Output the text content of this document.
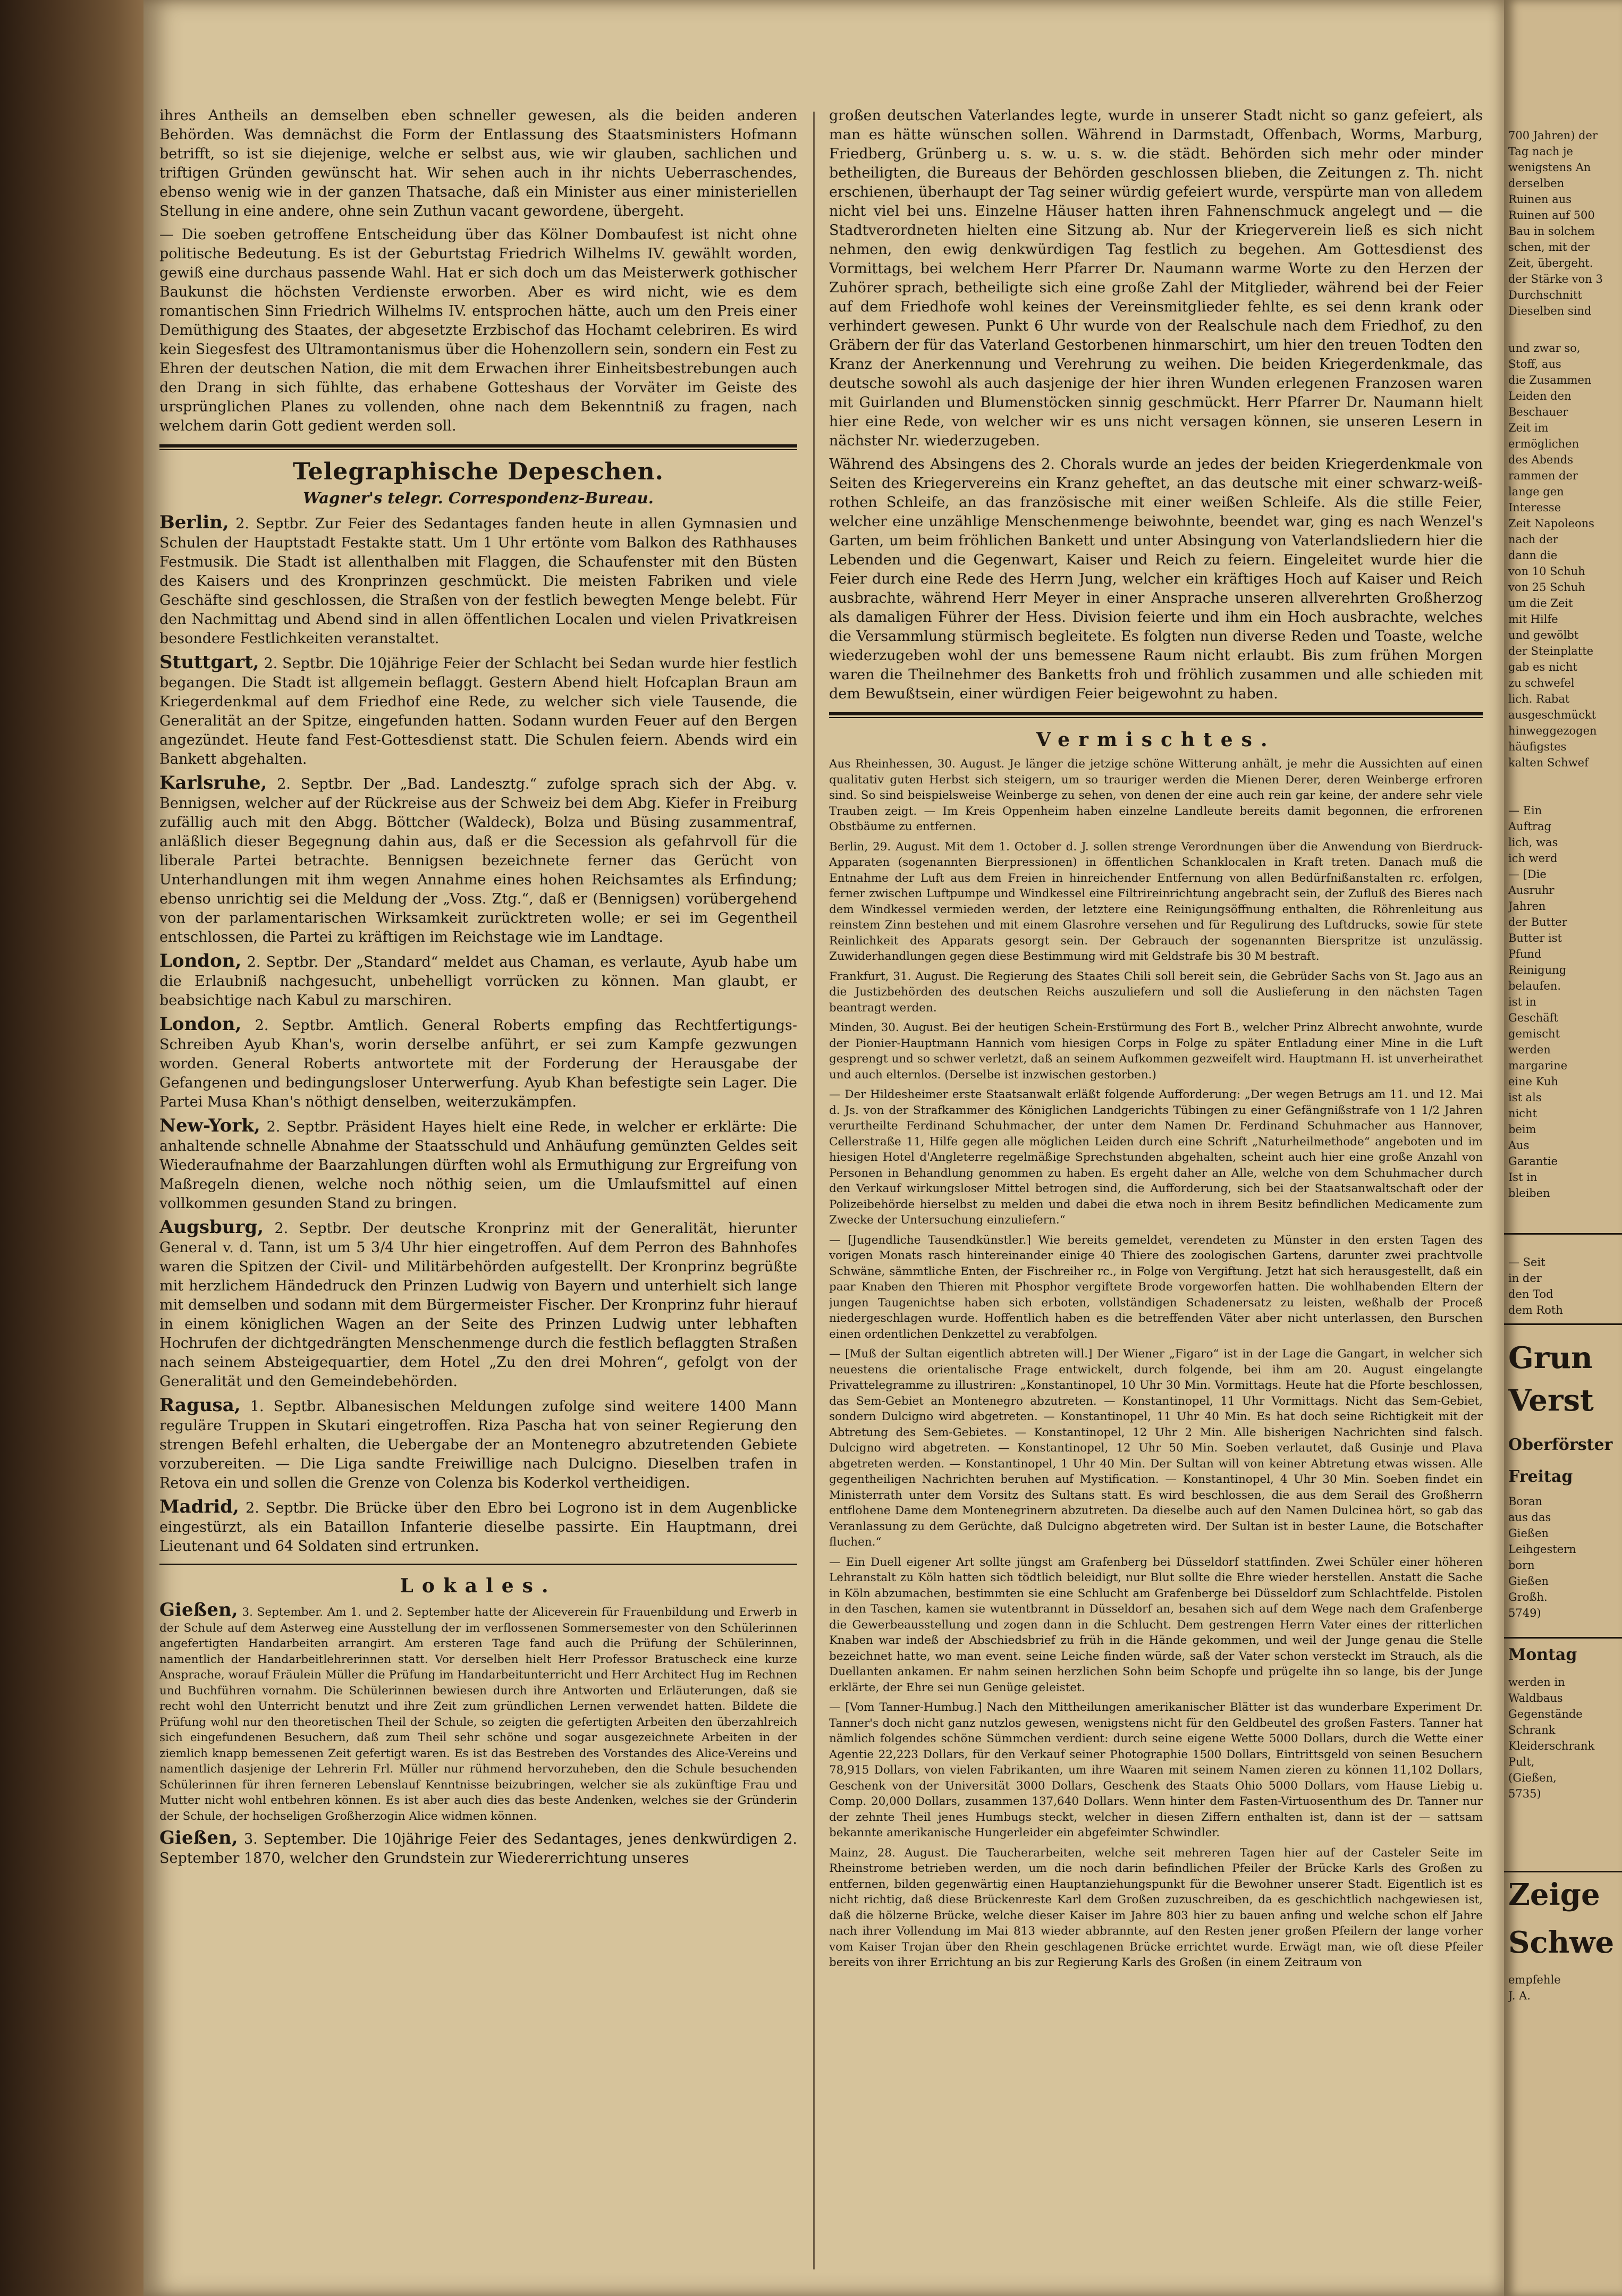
ihres Antheils an demselben eben schneller gewesen, als die beiden anderen Behörden. Was demnächst die Form der Entlassung des Staatsministers Hofmann betrifft, so ist sie diejenige, welche er selbst aus, wie wir glauben, sachlichen und triftigen Gründen gewünscht hat. Wir sehen auch in ihr nichts Ueberraschendes, ebenso wenig wie in der ganzen Thatsache, daß ein Minister aus einer ministeriellen Stellung in eine andere, ohne sein Zuthun vacant gewordene, übergeht.

— Die soeben getroffene Entscheidung über das Kölner Dombaufest ist nicht ohne politische Bedeutung. Es ist der Geburtstag Friedrich Wilhelms IV. gewählt worden, gewiß eine durchaus passende Wahl. Hat er sich doch um das Meisterwerk gothischer Baukunst die höchsten Verdienste erworben. Aber es wird nicht, wie es dem romantischen Sinn Friedrich Wilhelms IV. entsprochen hätte, auch um den Preis einer Demüthigung des Staates, der abgesetzte Erzbischof das Hochamt celebriren. Es wird kein Siegesfest des Ultramontanismus über die Hohenzollern sein, sondern ein Fest zu Ehren der deutschen Nation, die mit dem Erwachen ihrer Einheitsbestrebungen auch den Drang in sich fühlte, das erhabene Gotteshaus der Vorväter im Geiste des ursprünglichen Planes zu vollenden, ohne nach dem Bekenntniß zu fragen, nach welchem darin Gott gedient werden soll.

Telegraphische Depeschen.
Wagner's telegr. Correspondenz-Bureau.

Berlin, 2. Septbr. Zur Feier des Sedantages fanden heute in allen Gymnasien und Schulen der Hauptstadt Festakte statt. Um 1 Uhr ertönte vom Balkon des Rathhauses Festmusik. Die Stadt ist allenthalben mit Flaggen, die Schaufenster mit den Büsten des Kaisers und des Kronprinzen geschmückt. Die meisten Fabriken und viele Geschäfte sind geschlossen, die Straßen von der festlich bewegten Menge belebt. Für den Nachmittag und Abend sind in allen öffentlichen Localen und vielen Privatkreisen besondere Festlichkeiten veranstaltet.

Stuttgart, 2. Septbr. Die 10jährige Feier der Schlacht bei Sedan wurde hier festlich begangen. Die Stadt ist allgemein beflaggt. Gestern Abend hielt Hofcaplan Braun am Kriegerdenkmal auf dem Friedhof eine Rede, zu welcher sich viele Tausende, die Generalität an der Spitze, eingefunden hatten. Sodann wurden Feuer auf den Bergen angezündet. Heute fand Fest-Gottesdienst statt. Die Schulen feiern. Abends wird ein Bankett abgehalten.

Karlsruhe, 2. Septbr. Der „Bad. Landesztg.“ zufolge sprach sich der Abg. v. Bennigsen, welcher auf der Rückreise aus der Schweiz bei dem Abg. Kiefer in Freiburg zufällig auch mit den Abgg. Böttcher (Waldeck), Bolza und Büsing zusammentraf, anläßlich dieser Begegnung dahin aus, daß er die Secession als gefahrvoll für die liberale Partei betrachte. Bennigsen bezeichnete ferner das Gerücht von Unterhandlungen mit ihm wegen Annahme eines hohen Reichsamtes als Erfindung; ebenso unrichtig sei die Meldung der „Voss. Ztg.“, daß er (Bennigsen) vorübergehend von der parlamentarischen Wirksamkeit zurücktreten wolle; er sei im Gegentheil entschlossen, die Partei zu kräftigen im Reichstage wie im Landtage.

London, 2. Septbr. Der „Standard“ meldet aus Chaman, es verlaute, Ayub habe um die Erlaubniß nachgesucht, unbehelligt vorrücken zu können. Man glaubt, er beabsichtige nach Kabul zu marschiren.

London, 2. Septbr. Amtlich. General Roberts empfing das Rechtfertigungs-Schreiben Ayub Khan's, worin derselbe anführt, er sei zum Kampfe gezwungen worden. General Roberts antwortete mit der Forderung der Herausgabe der Gefangenen und bedingungsloser Unterwerfung. Ayub Khan befestigte sein Lager. Die Partei Musa Khan's nöthigt denselben, weiterzukämpfen.

New-York, 2. Septbr. Präsident Hayes hielt eine Rede, in welcher er erklärte: Die anhaltende schnelle Abnahme der Staatsschuld und Anhäufung gemünzten Geldes seit Wiederaufnahme der Baarzahlungen dürften wohl als Ermuthigung zur Ergreifung von Maßregeln dienen, welche noch nöthig seien, um die Umlaufsmittel auf einen vollkommen gesunden Stand zu bringen.

Augsburg, 2. Septbr. Der deutsche Kronprinz mit der Generalität, hierunter General v. d. Tann, ist um 5 3/4 Uhr hier eingetroffen. Auf dem Perron des Bahnhofes waren die Spitzen der Civil- und Militärbehörden aufgestellt. Der Kronprinz begrüßte mit herzlichem Händedruck den Prinzen Ludwig von Bayern und unterhielt sich lange mit demselben und sodann mit dem Bürgermeister Fischer. Der Kronprinz fuhr hierauf in einem königlichen Wagen an der Seite des Prinzen Ludwig unter lebhaften Hochrufen der dichtgedrängten Menschenmenge durch die festlich beflaggten Straßen nach seinem Absteigequartier, dem Hotel „Zu den drei Mohren“, gefolgt von der Generalität und den Gemeindebehörden.

Ragusa, 1. Septbr. Albanesischen Meldungen zufolge sind weitere 1400 Mann reguläre Truppen in Skutari eingetroffen. Riza Pascha hat von seiner Regierung den strengen Befehl erhalten, die Uebergabe der an Montenegro abzutretenden Gebiete vorzubereiten. — Die Liga sandte Freiwillige nach Dulcigno. Dieselben trafen in Retova ein und sollen die Grenze von Colenza bis Koderkol vertheidigen.

Madrid, 2. Septbr. Die Brücke über den Ebro bei Logrono ist in dem Augenblicke eingestürzt, als ein Bataillon Infanterie dieselbe passirte. Ein Hauptmann, drei Lieutenant und 64 Soldaten sind ertrunken.

Lokales.

Gießen, 3. September. Am 1. und 2. September hatte der Aliceverein für Frauenbildung und Erwerb in der Schule auf dem Asterweg eine Ausstellung der im verflossenen Sommersemester von den Schülerinnen angefertigten Handarbeiten arrangirt. Am ersteren Tage fand auch die Prüfung der Schülerinnen, namentlich der Handarbeitlehrerinnen statt. Vor derselben hielt Herr Professor Bratuscheck eine kurze Ansprache, worauf Fräulein Müller die Prüfung im Handarbeitunterricht und Herr Architect Hug im Rechnen und Buchführen vornahm. Die Schülerinnen bewiesen durch ihre Antworten und Erläuterungen, daß sie recht wohl den Unterricht benutzt und ihre Zeit zum gründlichen Lernen verwendet hatten. Bildete die Prüfung wohl nur den theoretischen Theil der Schule, so zeigten die gefertigten Arbeiten den überzahlreich sich eingefundenen Besuchern, daß zum Theil sehr schöne und sogar ausgezeichnete Arbeiten in der ziemlich knapp bemessenen Zeit gefertigt waren. Es ist das Bestreben des Vorstandes des Alice-Vereins und namentlich dasjenige der Lehrerin Frl. Müller nur rühmend hervorzuheben, den die Schule besuchenden Schülerinnen für ihren ferneren Lebenslauf Kenntnisse beizubringen, welcher sie als zukünftige Frau und Mutter nicht wohl entbehren können. Es ist aber auch dies das beste Andenken, welches sie der Gründerin der Schule, der hochseligen Großherzogin Alice widmen können.

Gießen, 3. September. Die 10jährige Feier des Sedantages, jenes denkwürdigen 2. September 1870, welcher den Grundstein zur Wiedererrichtung unseres

großen deutschen Vaterlandes legte, wurde in unserer Stadt nicht so ganz gefeiert, als man es hätte wünschen sollen. Während in Darmstadt, Offenbach, Worms, Marburg, Friedberg, Grünberg u. s. w. u. s. w. die städt. Behörden sich mehr oder minder betheiligten, die Bureaus der Behörden geschlossen blieben, die Zeitungen z. Th. nicht erschienen, überhaupt der Tag seiner würdig gefeiert wurde, verspürte man von alledem nicht viel bei uns. Einzelne Häuser hatten ihren Fahnenschmuck angelegt und — die Stadtverordneten hielten eine Sitzung ab. Nur der Kriegerverein ließ es sich nicht nehmen, den ewig denkwürdigen Tag festlich zu begehen. Am Gottesdienst des Vormittags, bei welchem Herr Pfarrer Dr. Naumann warme Worte zu den Herzen der Zuhörer sprach, betheiligte sich eine große Zahl der Mitglieder, während bei der Feier auf dem Friedhofe wohl keines der Vereinsmitglieder fehlte, es sei denn krank oder verhindert gewesen. Punkt 6 Uhr wurde von der Realschule nach dem Friedhof, zu den Gräbern der für das Vaterland Gestorbenen hinmarschirt, um hier den treuen Todten den Kranz der Anerkennung und Verehrung zu weihen. Die beiden Kriegerdenkmale, das deutsche sowohl als auch dasjenige der hier ihren Wunden erlegenen Franzosen waren mit Guirlanden und Blumenstöcken sinnig geschmückt. Herr Pfarrer Dr. Naumann hielt hier eine Rede, von welcher wir es uns nicht versagen können, sie unseren Lesern in nächster Nr. wiederzugeben.

Während des Absingens des 2. Chorals wurde an jedes der beiden Kriegerdenkmale von Seiten des Kriegervereins ein Kranz geheftet, an das deutsche mit einer schwarz-weiß-rothen Schleife, an das französische mit einer weißen Schleife. Als die stille Feier, welcher eine unzählige Menschenmenge beiwohnte, beendet war, ging es nach Wenzel's Garten, um beim fröhlichen Bankett und unter Absingung von Vaterlandsliedern hier die Lebenden und die Gegenwart, Kaiser und Reich zu feiern. Eingeleitet wurde hier die Feier durch eine Rede des Herrn Jung, welcher ein kräftiges Hoch auf Kaiser und Reich ausbrachte, während Herr Meyer in einer Ansprache unseren allverehrten Großherzog als damaligen Führer der Hess. Division feierte und ihm ein Hoch ausbrachte, welches die Versammlung stürmisch begleitete. Es folgten nun diverse Reden und Toaste, welche wiederzugeben wohl der uns bemessene Raum nicht erlaubt. Bis zum frühen Morgen waren die Theilnehmer des Banketts froh und fröhlich zusammen und alle schieden mit dem Bewußtsein, einer würdigen Feier beigewohnt zu haben.

Vermischtes.

Aus Rheinhessen, 30. August. Je länger die jetzige schöne Witterung anhält, je mehr die Aussichten auf einen qualitativ guten Herbst sich steigern, um so trauriger werden die Mienen Derer, deren Weinberge erfroren sind. So sind beispielsweise Weinberge zu sehen, von denen der eine auch rein gar keine, der andere sehr viele Trauben zeigt. — Im Kreis Oppenheim haben einzelne Landleute bereits damit begonnen, die erfrorenen Obstbäume zu entfernen.

Berlin, 29. August. Mit dem 1. October d. J. sollen strenge Verordnungen über die Anwendung von Bierdruck-Apparaten (sogenannten Bierpressionen) in öffentlichen Schanklocalen in Kraft treten. Danach muß die Entnahme der Luft aus dem Freien in hinreichender Entfernung von allen Bedürfnißanstalten rc. erfolgen, ferner zwischen Luftpumpe und Windkessel eine Filtrireinrichtung angebracht sein, der Zufluß des Bieres nach dem Windkessel vermieden werden, der letztere eine Reinigungsöffnung enthalten, die Röhrenleitung aus reinstem Zinn bestehen und mit einem Glasrohre versehen und für Regulirung des Luftdrucks, sowie für stete Reinlichkeit des Apparats gesorgt sein. Der Gebrauch der sogenannten Bierspritze ist unzulässig. Zuwiderhandlungen gegen diese Bestimmung wird mit Geldstrafe bis 30 M bestraft.

Frankfurt, 31. August. Die Regierung des Staates Chili soll bereit sein, die Gebrüder Sachs von St. Jago aus an die Justizbehörden des deutschen Reichs auszuliefern und soll die Auslieferung in den nächsten Tagen beantragt werden.

Minden, 30. August. Bei der heutigen Schein-Erstürmung des Fort B., welcher Prinz Albrecht anwohnte, wurde der Pionier-Hauptmann Hannich vom hiesigen Corps in Folge zu später Entladung einer Mine in die Luft gesprengt und so schwer verletzt, daß an seinem Aufkommen gezweifelt wird. Hauptmann H. ist unverheirathet und auch elternlos. (Derselbe ist inzwischen gestorben.)

— Der Hildesheimer erste Staatsanwalt erläßt folgende Aufforderung: „Der wegen Betrugs am 11. und 12. Mai d. Js. von der Strafkammer des Königlichen Landgerichts Tübingen zu einer Gefängnißstrafe von 1 1/2 Jahren verurtheilte Ferdinand Schuhmacher, der unter dem Namen Dr. Ferdinand Schuhmacher aus Hannover, Cellerstraße 11, Hilfe gegen alle möglichen Leiden durch eine Schrift „Naturheilmethode“ angeboten und im hiesigen Hotel d'Angleterre regelmäßige Sprechstunden abgehalten, scheint auch hier eine große Anzahl von Personen in Behandlung genommen zu haben. Es ergeht daher an Alle, welche von dem Schuhmacher durch den Verkauf wirkungsloser Mittel betrogen sind, die Aufforderung, sich bei der Staatsanwaltschaft oder der Polizeibehörde hierselbst zu melden und dabei die etwa noch in ihrem Besitz befindlichen Medicamente zum Zwecke der Untersuchung einzuliefern.“

— [Jugendliche Tausendkünstler.] Wie bereits gemeldet, verendeten zu Münster in den ersten Tagen des vorigen Monats rasch hintereinander einige 40 Thiere des zoologischen Gartens, darunter zwei prachtvolle Schwäne, sämmtliche Enten, der Fischreiher rc., in Folge von Vergiftung. Jetzt hat sich herausgestellt, daß ein paar Knaben den Thieren mit Phosphor vergiftete Brode vorgeworfen hatten. Die wohlhabenden Eltern der jungen Taugenichtse haben sich erboten, vollständigen Schadenersatz zu leisten, weßhalb der Proceß niedergeschlagen wurde. Hoffentlich haben es die betreffenden Väter aber nicht unterlassen, den Burschen einen ordentlichen Denkzettel zu verabfolgen.

— [Muß der Sultan eigentlich abtreten will.] Der Wiener „Figaro“ ist in der Lage die Gangart, in welcher sich neuestens die orientalische Frage entwickelt, durch folgende, bei ihm am 20. August eingelangte Privattelegramme zu illustriren: „Konstantinopel, 10 Uhr 30 Min. Vormittags. Heute hat die Pforte beschlossen, das Sem-Gebiet an Montenegro abzutreten. — Konstantinopel, 11 Uhr Vormittags. Nicht das Sem-Gebiet, sondern Dulcigno wird abgetreten. — Konstantinopel, 11 Uhr 40 Min. Es hat doch seine Richtigkeit mit der Abtretung des Sem-Gebietes. — Konstantinopel, 12 Uhr 2 Min. Alle bisherigen Nachrichten sind falsch. Dulcigno wird abgetreten. — Konstantinopel, 12 Uhr 50 Min. Soeben verlautet, daß Gusinje und Plava abgetreten werden. — Konstantinopel, 1 Uhr 40 Min. Der Sultan will von keiner Abtretung etwas wissen. Alle gegentheiligen Nachrichten beruhen auf Mystification. — Konstantinopel, 4 Uhr 30 Min. Soeben findet ein Ministerrath unter dem Vorsitz des Sultans statt. Es wird beschlossen, die aus dem Serail des Großherrn entflohene Dame dem Montenegrinern abzutreten. Da dieselbe auch auf den Namen Dulcinea hört, so gab das Veranlassung zu dem Gerüchte, daß Dulcigno abgetreten wird. Der Sultan ist in bester Laune, die Botschafter fluchen.“

— Ein Duell eigener Art sollte jüngst am Grafenberg bei Düsseldorf stattfinden. Zwei Schüler einer höheren Lehranstalt zu Köln hatten sich tödtlich beleidigt, nur Blut sollte die Ehre wieder herstellen. Anstatt die Sache in Köln abzumachen, bestimmten sie eine Schlucht am Grafenberge bei Düsseldorf zum Schlachtfelde. Pistolen in den Taschen, kamen sie wutentbrannt in Düsseldorf an, besahen sich auf dem Wege nach dem Grafenberge die Gewerbeausstellung und zogen dann in die Schlucht. Dem gestrengen Herrn Vater eines der ritterlichen Knaben war indeß der Abschiedsbrief zu früh in die Hände gekommen, und weil der Junge genau die Stelle bezeichnet hatte, wo man event. seine Leiche finden würde, saß der Vater schon versteckt im Strauch, als die Duellanten ankamen. Er nahm seinen herzlichen Sohn beim Schopfe und prügelte ihn so lange, bis der Junge erklärte, der Ehre sei nun Genüge geleistet.

— [Vom Tanner-Humbug.] Nach den Mittheilungen amerikanischer Blätter ist das wunderbare Experiment Dr. Tanner's doch nicht ganz nutzlos gewesen, wenigstens nicht für den Geldbeutel des großen Fasters. Tanner hat nämlich folgendes schöne Sümmchen verdient: durch seine eigene Wette 5000 Dollars, durch die Wette einer Agentie 22,223 Dollars, für den Verkauf seiner Photographie 1500 Dollars, Eintrittsgeld von seinen Besuchern 78,915 Dollars, von vielen Fabrikanten, um ihre Waaren mit seinem Namen zieren zu können 11,102 Dollars, Geschenk von der Universität 3000 Dollars, Geschenk des Staats Ohio 5000 Dollars, vom Hause Liebig u. Comp. 20,000 Dollars, zusammen 137,640 Dollars. Wenn hinter dem Fasten-Virtuosenthum des Dr. Tanner nur der zehnte Theil jenes Humbugs steckt, welcher in diesen Ziffern enthalten ist, dann ist der — sattsam bekannte amerikanische Hungerleider ein abgefeimter Schwindler.

Mainz, 28. August. Die Taucherarbeiten, welche seit mehreren Tagen hier auf der Casteler Seite im Rheinstrome betrieben werden, um die noch darin befindlichen Pfeiler der Brücke Karls des Großen zu entfernen, bilden gegenwärtig einen Hauptanziehungspunkt für die Bewohner unserer Stadt. Eigentlich ist es nicht richtig, daß diese Brückenreste Karl dem Großen zuzuschreiben, da es geschichtlich nachgewiesen ist, daß die hölzerne Brücke, welche dieser Kaiser im Jahre 803 hier zu bauen anfing und welche schon elf Jahre nach ihrer Vollendung im Mai 813 wieder abbrannte, auf den Resten jener großen Pfeilern der lange vorher vom Kaiser Trojan über den Rhein geschlagenen Brücke errichtet wurde. Erwägt man, wie oft diese Pfeiler bereits von ihrer Errichtung an bis zur Regierung Karls des Großen (in einem Zeitraum von

700 Jahren) der
Tag nach je
wenigstens An
derselben
Ruinen aus
Ruinen auf 500
Bau in solchem
schen, mit der
Zeit, übergeht.
der Stärke von 3
Durchschnitt
Dieselben sind
und zwar so,
Stoff, aus
die Zusammen
Leiden den
Beschauer
Zeit im
ermöglichen
des Abends
rammen der
lange gen
Interesse
Zeit Napoleons
nach der
dann die
von 10 Schuh
von 25 Schuh
um die Zeit
mit Hilfe
und gewölbt
der Steinplatte
gab es nicht
zu schwefel
lich. Rabat
ausgeschmückt
hinweggezogen
häufigstes
kalten Schwef
— Ein
Auftrag
lich, was
ich werd
— [Die
Ausruhr
Jahren
der Butter
Butter ist
Pfund
Reinigung
belaufen.
ist in
Geschäft
gemischt
werden
margarine
eine Kuh
ist als
nicht
beim
Aus
Garantie
Ist in
bleiben
— Seit
in der
den Tod
dem Roth
Grun
Verst
Oberförster
Freitag
Boran
aus das
Gießen
Leihgestern
born
Gießen
Großh.
5749)
Montag
werden in
Waldbaus
Gegenstände
Schrank
Kleiderschrank
Pult,
(Gießen,
5735)
Zeige
Schwe
empfehle
J. A.
